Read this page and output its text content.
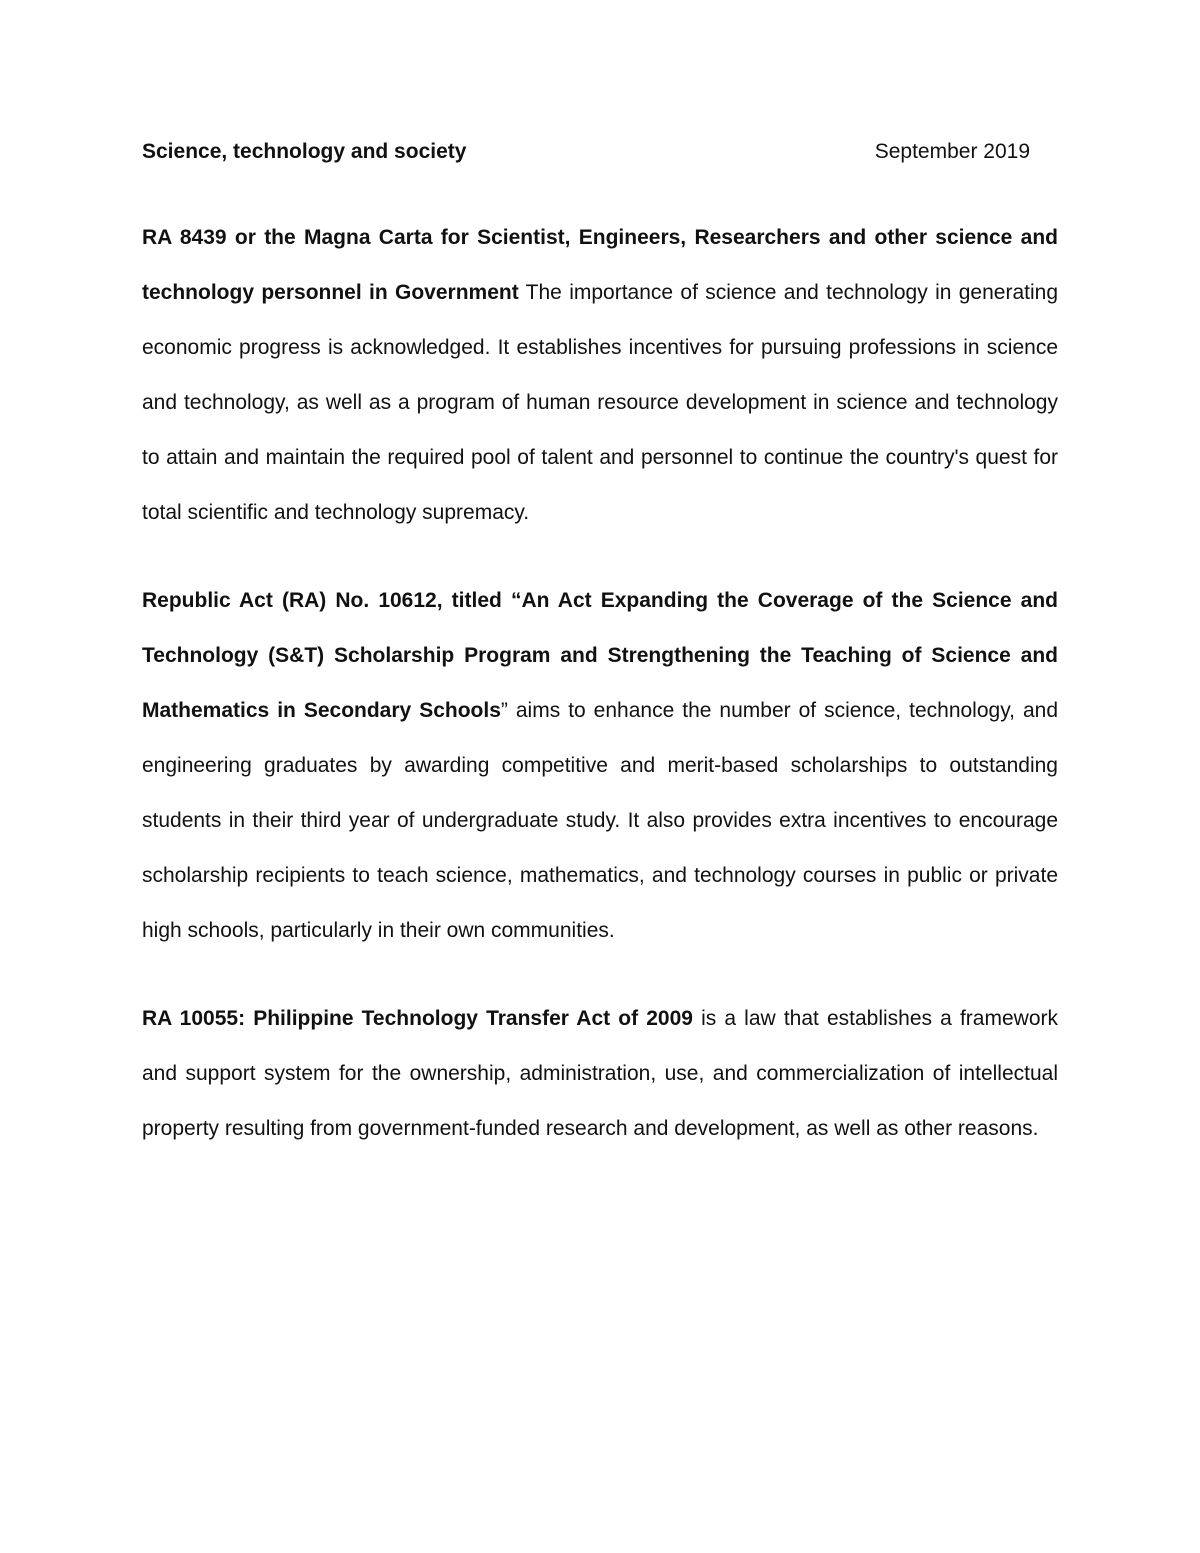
Science, technology and society	September 2019

RA 8439 or the Magna Carta for Scientist, Engineers, Researchers and other science and technology personnel in Government The importance of science and technology in generating economic progress is acknowledged. It establishes incentives for pursuing professions in science and technology, as well as a program of human resource development in science and technology to attain and maintain the required pool of talent and personnel to continue the country's quest for total scientific and technology supremacy.

Republic Act (RA) No. 10612, titled “An Act Expanding the Coverage of the Science and Technology (S&T) Scholarship Program and Strengthening the Teaching of Science and Mathematics in Secondary Schools” aims to enhance the number of science, technology, and engineering graduates by awarding competitive and merit-based scholarships to outstanding students in their third year of undergraduate study. It also provides extra incentives to encourage scholarship recipients to teach science, mathematics, and technology courses in public or private high schools, particularly in their own communities.

RA 10055: Philippine Technology Transfer Act of 2009 is a law that establishes a framework and support system for the ownership, administration, use, and commercialization of intellectual property resulting from government-funded research and development, as well as other reasons.
